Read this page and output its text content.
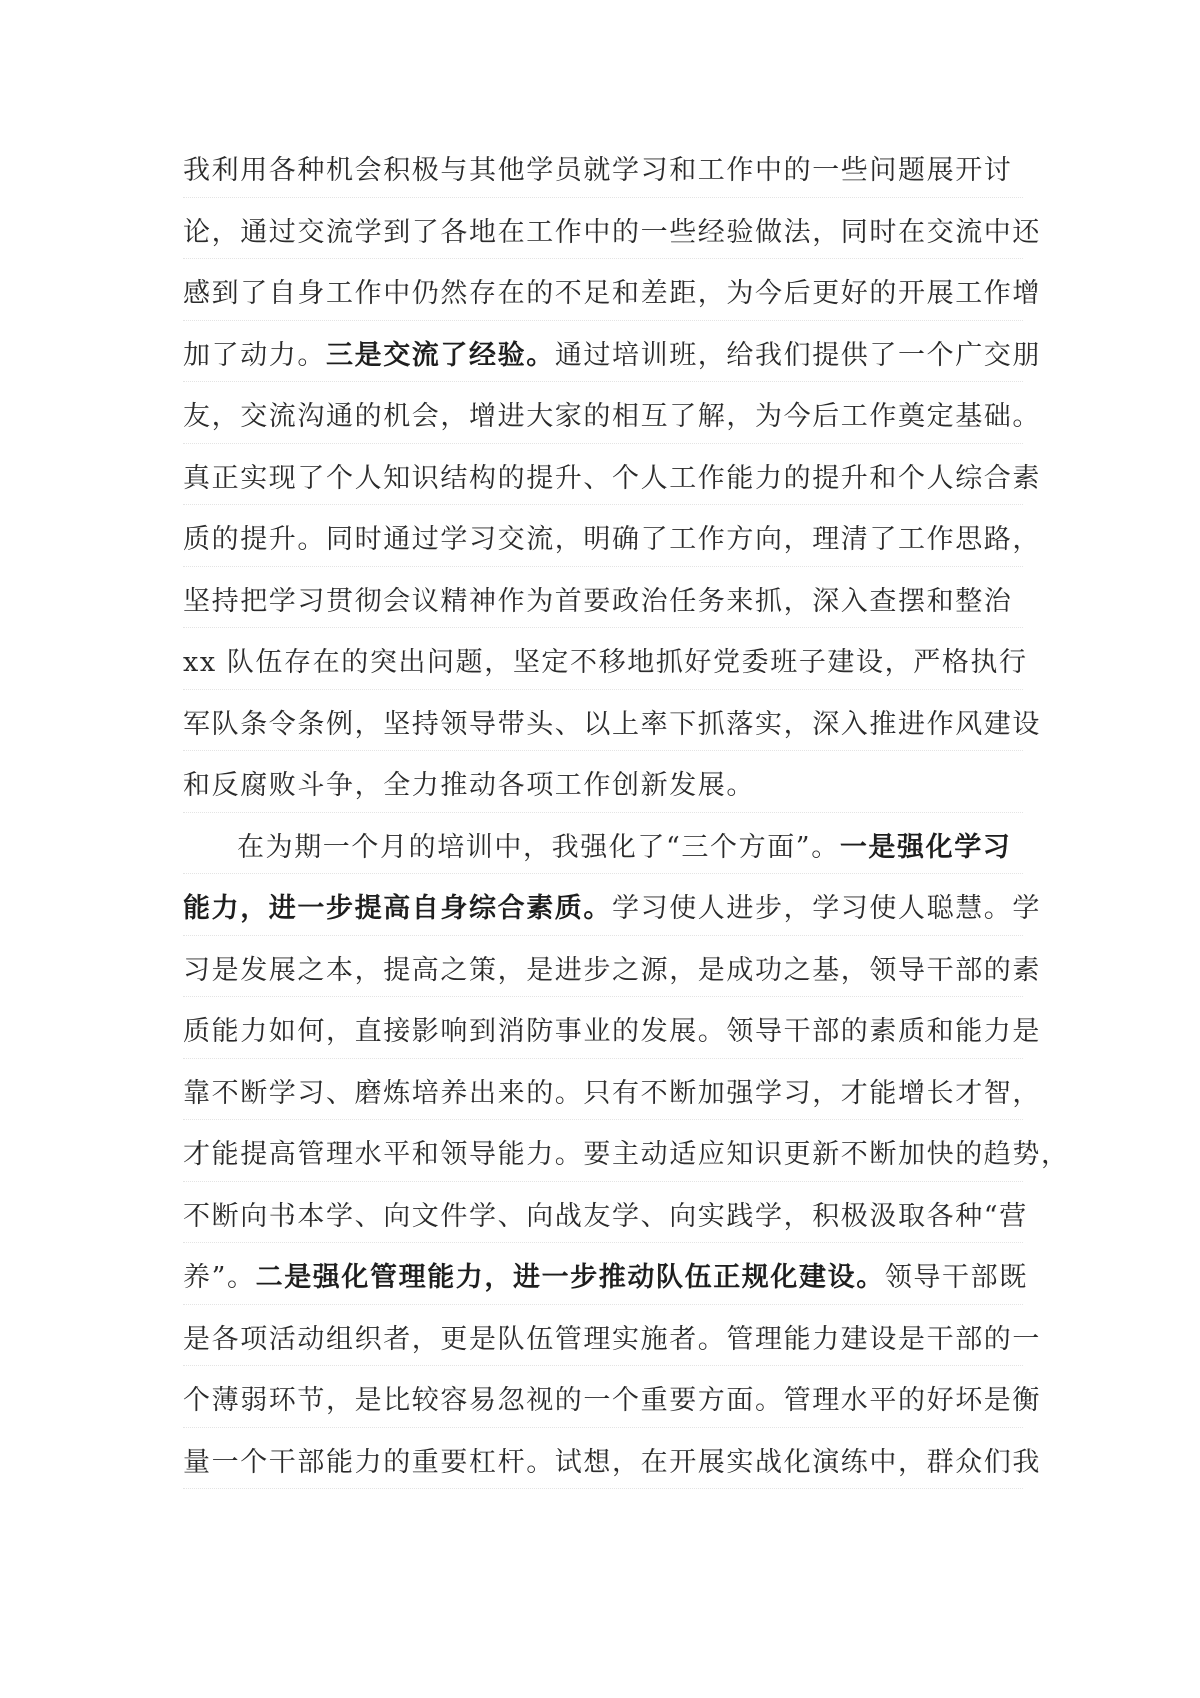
我利用各种机会积极与其他学员就学习和工作中的一些问题展开讨
论，通过交流学到了各地在工作中的一些经验做法，同时在交流中还
感到了自身工作中仍然存在的不足和差距，为今后更好的开展工作增
加了动力。三是交流了经验。通过培训班，给我们提供了一个广交朋
友，交流沟通的机会，增进大家的相互了解，为今后工作奠定基础。
真正实现了个人知识结构的提升、个人工作能力的提升和个人综合素
质的提升。同时通过学习交流，明确了工作方向，理清了工作思路，
坚持把学习贯彻会议精神作为首要政治任务来抓，深入查摆和整治
xx 队伍存在的突出问题，坚定不移地抓好党委班子建设，严格执行
军队条令条例，坚持领导带头、以上率下抓落实，深入推进作风建设
和反腐败斗争，全力推动各项工作创新发展。
在为期一个月的培训中，我强化了“三个方面”。一是强化学习
能力，进一步提高自身综合素质。学习使人进步，学习使人聪慧。学
习是发展之本，提高之策，是进步之源，是成功之基，领导干部的素
质能力如何，直接影响到消防事业的发展。领导干部的素质和能力是
靠不断学习、磨炼培养出来的。只有不断加强学习，才能增长才智，
才能提高管理水平和领导能力。要主动适应知识更新不断加快的趋势，
不断向书本学、向文件学、向战友学、向实践学，积极汲取各种“营
养”。二是强化管理能力，进一步推动队伍正规化建设。领导干部既
是各项活动组织者，更是队伍管理实施者。管理能力建设是干部的一
个薄弱环节，是比较容易忽视的一个重要方面。管理水平的好坏是衡
量一个干部能力的重要杠杆。试想，在开展实战化演练中，群众们我
